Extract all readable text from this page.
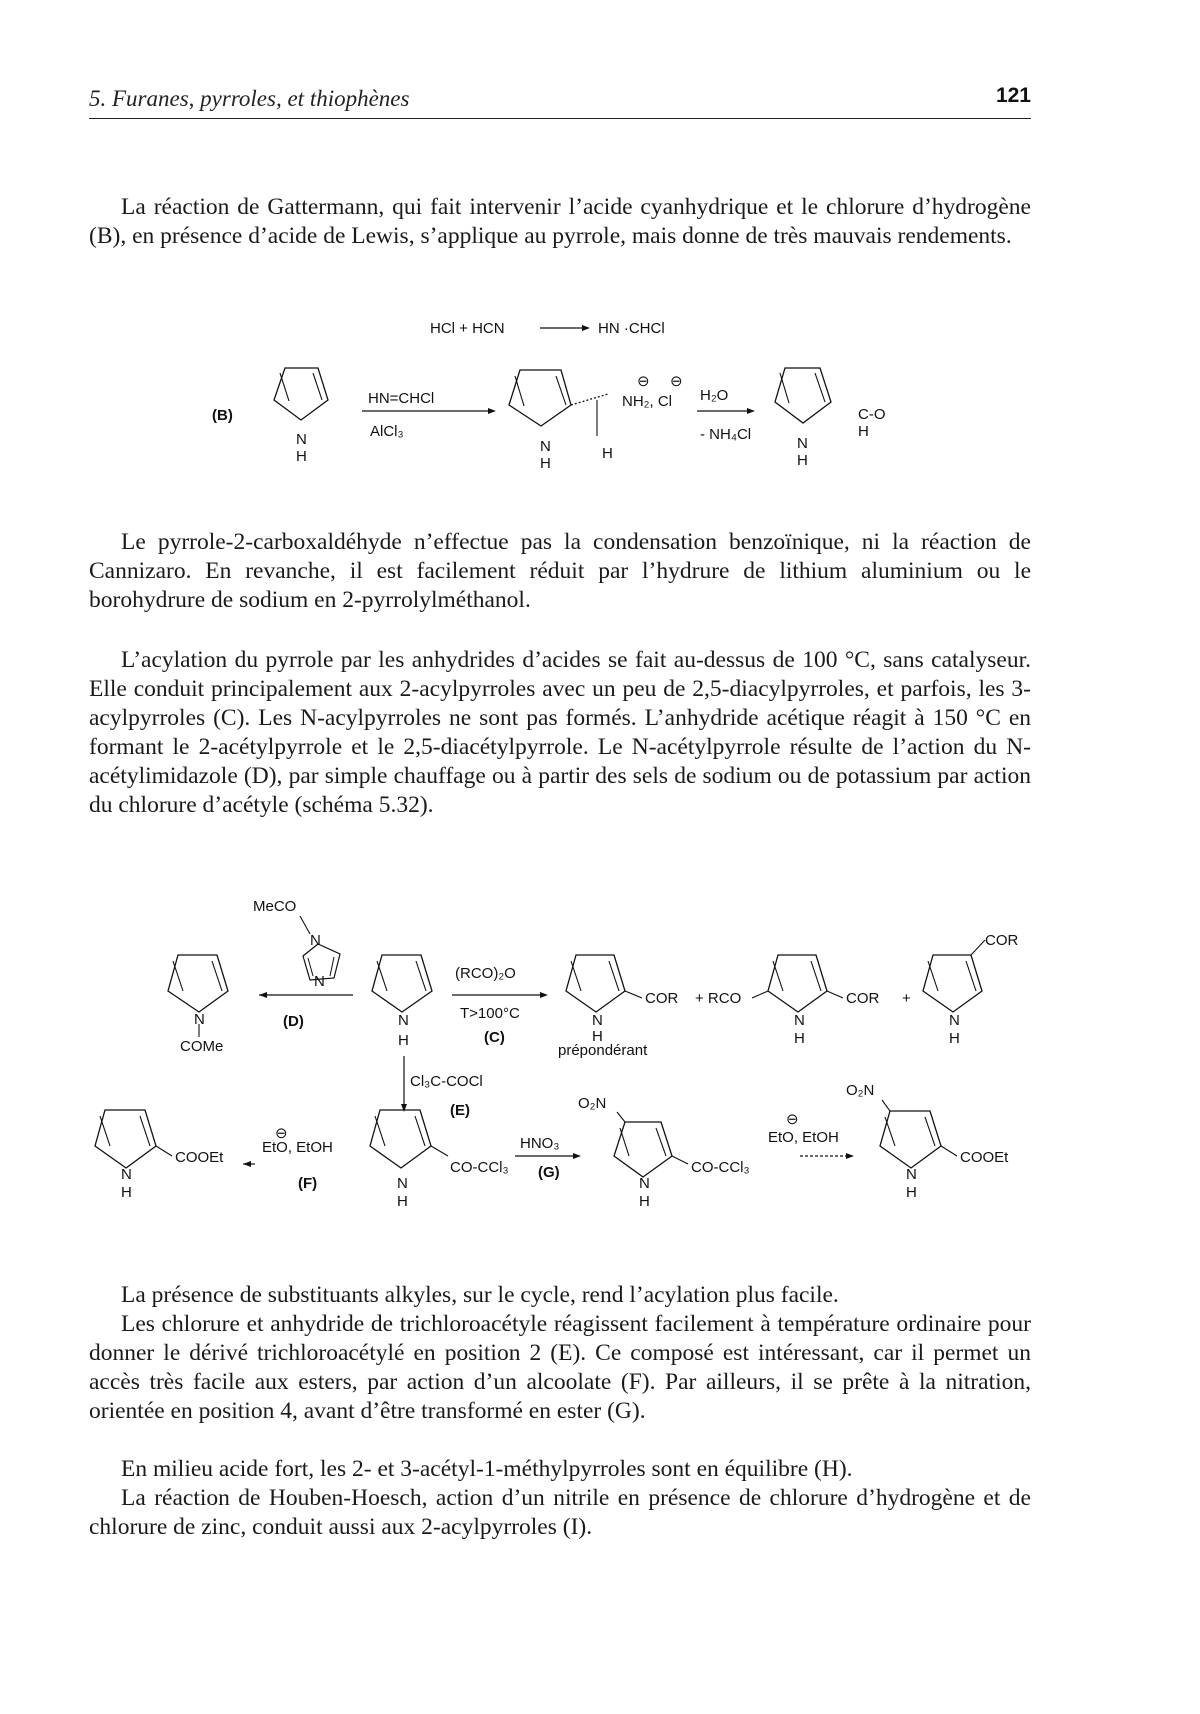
5. Furanes, pyrroles, et thiophènes	121

La réaction de Gattermann, qui fait intervenir l’acide cyanhydrique et le chlorure d’hydrogène (B), en présence d’acide de Lewis, s’applique au pyrrole, mais donne de très mauvais rendements.

HCl + HCN	HN ·CHCl
(B)
N
H
HN=CHCl
AlCl₃
⊖ ⊖
NH₂, Cl
N
H
H
H₂O
- NH₄Cl
N
H
C-O
H

Le pyrrole-2-carboxaldéhyde n’effectue pas la condensation benzoïnique, ni la réaction de Cannizaro. En revanche, il est facilement réduit par l’hydrure de lithium aluminium ou le borohydrure de sodium en 2-pyrrolylméthanol.

L’acylation du pyrrole par les anhydrides d’acides se fait au-dessus de 100 °C, sans catalyseur. Elle conduit principalement aux 2-acylpyrroles avec un peu de 2,5-diacylpyrroles, et parfois, les 3-acylpyrroles (C). Les N-acylpyrroles ne sont pas formés. L’anhydride acétique réagit à 150 °C en formant le 2-acétylpyrrole et le 2,5-diacétylpyrrole. Le N-acétylpyrrole résulte de l’action du N-acétylimidazole (D), par simple chauffage ou à partir des sels de sodium ou de potassium par action du chlorure d’acétyle (schéma 5.32).

N
COMe
MeCO
N
N
(D)	N
H
(RCO)₂O
T>100°C
(C)
N
H
COR
prépondérant
+ RCO
N
H
COR +
COR
N
H
Cl₃C-COCl
(E)
N
H
COOEt
⊖
EtO, EtOH
(F)	N
H
CO-CCl₃
HNO₃
(G)
O₂N
N
H
CO-CCl₃
⊖
EtO, EtOH
O₂N
N
H
COOEt

La présence de substituants alkyles, sur le cycle, rend l’acylation plus facile.

Les chlorure et anhydride de trichloroacétyle réagissent facilement à température ordinaire pour donner le dérivé trichloroacétylé en position 2 (E). Ce composé est intéressant, car il permet un accès très facile aux esters, par action d’un alcoolate (F). Par ailleurs, il se prête à la nitration, orientée en position 4, avant d’être transformé en ester (G).

En milieu acide fort, les 2- et 3-acétyl-1-méthylpyrroles sont en équilibre (H).

La réaction de Houben-Hoesch, action d’un nitrile en présence de chlorure d’hydrogène et de chlorure de zinc, conduit aussi aux 2-acylpyrroles (I).
